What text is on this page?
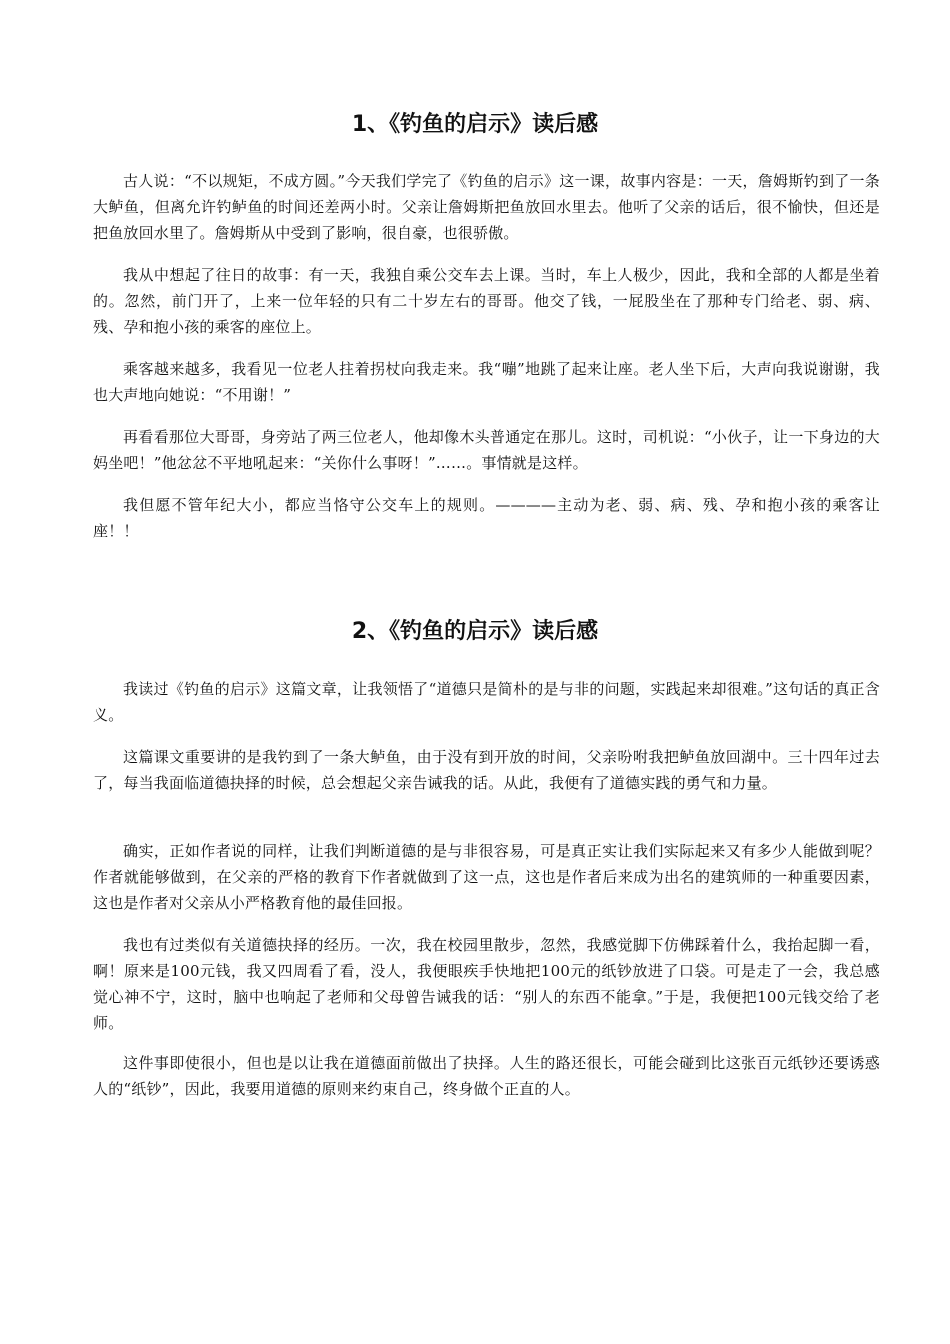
1、《钓鱼的启示》读后感

古人说：“不以规矩，不成方圆。”今天我们学完了《钓鱼的启示》这一课，故事内容是：一天，詹姆斯钓到了一条大鲈鱼，但离允许钓鲈鱼的时间还差两小时。父亲让詹姆斯把鱼放回水里去。他听了父亲的话后，很不愉快，但还是把鱼放回水里了。詹姆斯从中受到了影响，很自豪，也很骄傲。

我从中想起了往日的故事：有一天，我独自乘公交车去上课。当时，车上人极少，因此，我和全部的人都是坐着的。忽然，前门开了，上来一位年轻的只有二十岁左右的哥哥。他交了钱，一屁股坐在了那种专门给老、弱、病、残、孕和抱小孩的乘客的座位上。

乘客越来越多，我看见一位老人拄着拐杖向我走来。我“嘣”地跳了起来让座。老人坐下后，大声向我说谢谢，我也大声地向她说：“不用谢！”

再看看那位大哥哥，身旁站了两三位老人，他却像木头普通定在那儿。这时，司机说：“小伙子，让一下身边的大妈坐吧！”他忿忿不平地吼起来：“关你什么事呀！”……。事情就是这样。

我但愿不管年纪大小，都应当恪守公交车上的规则。————主动为老、弱、病、残、孕和抱小孩的乘客让座！！

2、《钓鱼的启示》读后感

我读过《钓鱼的启示》这篇文章，让我领悟了“道德只是简朴的是与非的问题，实践起来却很难。”这句话的真正含义。

这篇课文重要讲的是我钓到了一条大鲈鱼，由于没有到开放的时间，父亲吩咐我把鲈鱼放回湖中。三十四年过去了，每当我面临道德抉择的时候，总会想起父亲告诫我的话。从此，我便有了道德实践的勇气和力量。

确实，正如作者说的同样，让我们判断道德的是与非很容易，可是真正实让我们实际起来又有多少人能做到呢？作者就能够做到，在父亲的严格的教育下作者就做到了这一点，这也是作者后来成为出名的建筑师的一种重要因素，这也是作者对父亲从小严格教育他的最佳回报。

我也有过类似有关道德抉择的经历。一次，我在校园里散步，忽然，我感觉脚下仿佛踩着什么，我抬起脚一看，啊！原来是100元钱，我又四周看了看，没人，我便眼疾手快地把100元的纸钞放进了口袋。可是走了一会，我总感觉心神不宁，这时，脑中也响起了老师和父母曾告诫我的话：“别人的东西不能拿。”于是，我便把100元钱交给了老师。

这件事即使很小，但也是以让我在道德面前做出了抉择。人生的路还很长，可能会碰到比这张百元纸钞还要诱惑人的“纸钞”，因此，我要用道德的原则来约束自己，终身做个正直的人。
